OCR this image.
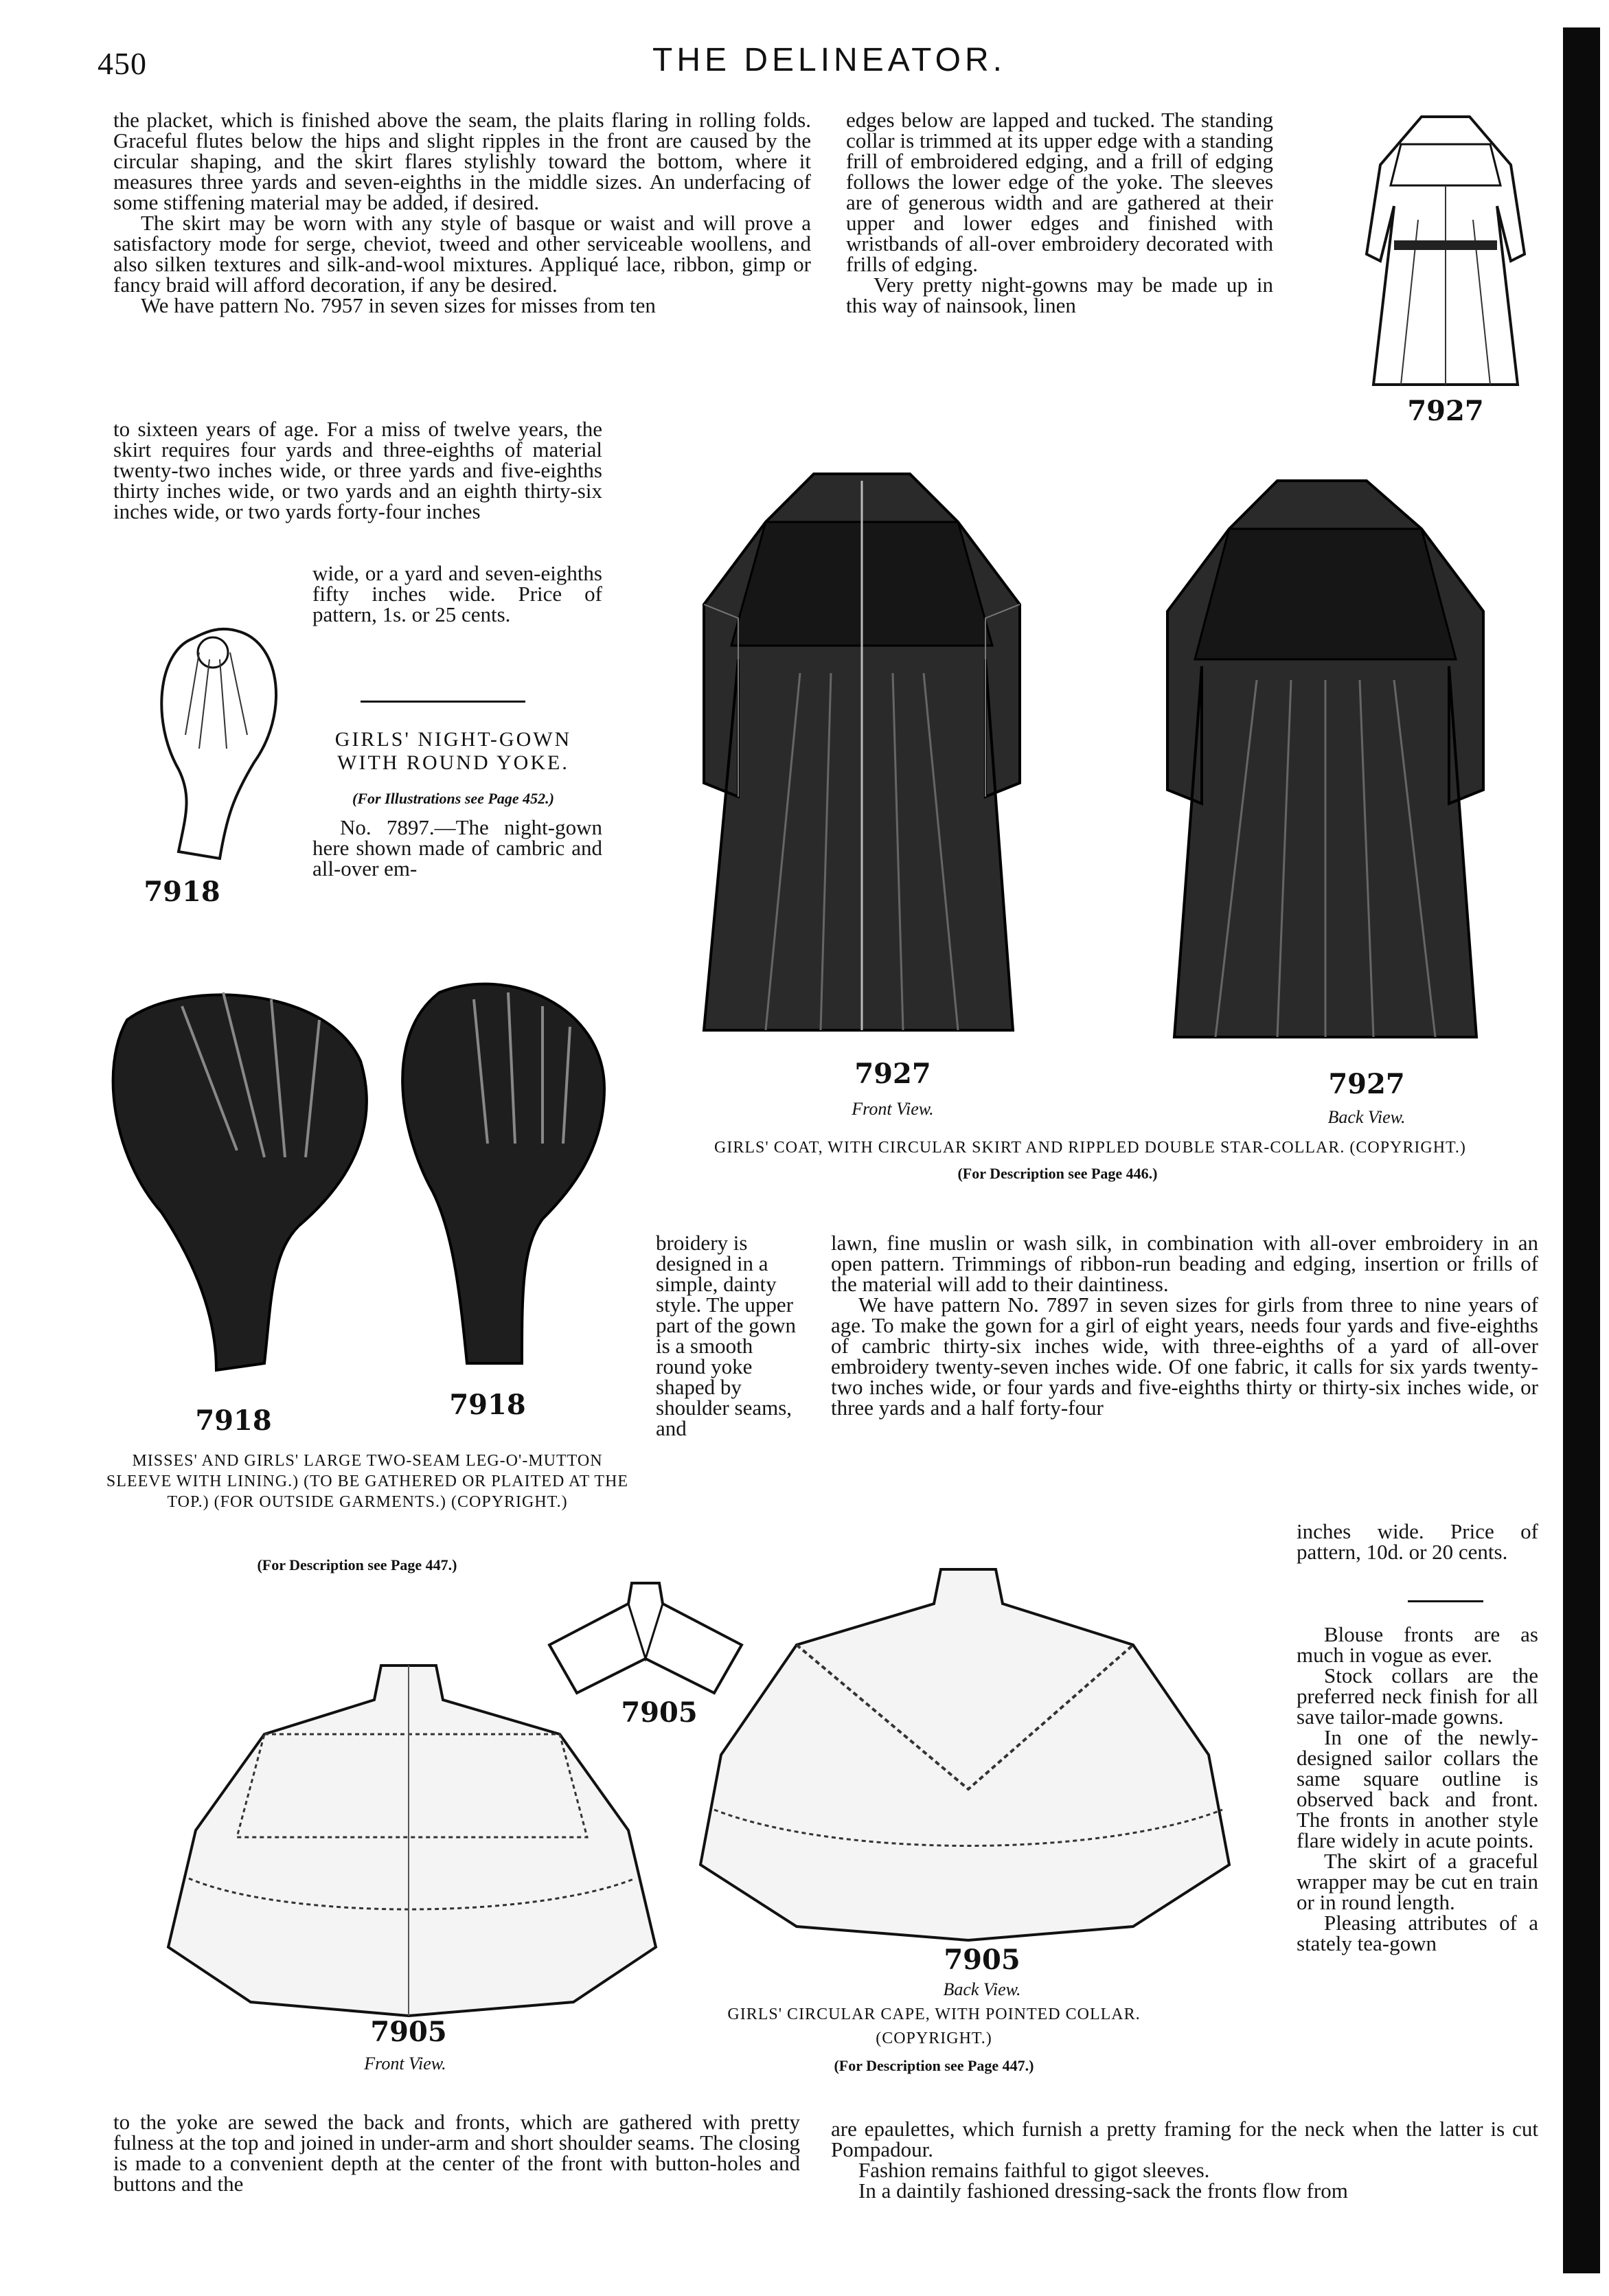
450	THE DELINEATOR.

the placket, which is finished above the seam, the plaits flaring in rolling folds. Graceful flutes below the hips and slight ripples in the front are caused by the circular shaping, and the skirt flares stylishly toward the bottom, where it measures three yards and seven-eighths in the middle sizes. An underfacing of some stiffening material may be added, if desired.

The skirt may be worn with any style of basque or waist and will prove a satisfactory mode for serge, cheviot, tweed and other serviceable woollens, and also silken textures and silk-and-wool mixtures. Appliqué lace, ribbon, gimp or fancy braid will afford decoration, if any be desired.

We have pattern No. 7957 in seven sizes for misses from ten

to sixteen years of age. For a miss of twelve years, the skirt requires four yards and three-eighths of material twenty-two inches wide, or three yards and five-eighths thirty inches wide, or two yards and an eighth thirty-six inches wide, or two yards forty-four inches

wide, or a yard and seven-eighths fifty inches wide. Price of pattern, 1s. or 25 cents.

7918
GIRLS' NIGHT-GOWN
WITH ROUND YOKE.
(For Illustrations see Page 452.)

No. 7897.—The night-gown here shown made of cambric and all-over em-

edges below are lapped and tucked. The standing collar is trimmed at its upper edge with a standing frill of embroidered edging, and a frill of edging follows the lower edge of the yoke. The sleeves are of generous width and are gathered at their upper and lower edges and finished with wristbands of all-over embroidery decorated with frills of edging.

Very pretty night-gowns may be made up in this way of nainsook, linen

7927
7927
Front View.
7927
Back View.
GIRLS' COAT, WITH CIRCULAR SKIRT AND RIPPLED DOUBLE STAR-COLLAR. (COPYRIGHT.)
(For Description see Page 446.)
7918	7918
MISSES' AND GIRLS' LARGE TWO-SEAM LEG-O'-MUTTON SLEEVE WITH LINING.) (TO BE GATHERED OR PLAITED AT THE TOP.) (FOR OUTSIDE GARMENTS.) (COPYRIGHT.)
(For Description see Page 447.)

broidery is designed in a simple, dainty style. The upper part of the gown is a smooth round yoke shaped by shoulder seams, and

lawn, fine muslin or wash silk, in combination with all-over embroidery in an open pattern. Trimmings of ribbon-run beading and edging, insertion or frills of the material will add to their daintiness.

We have pattern No. 7897 in seven sizes for girls from three to nine years of age. To make the gown for a girl of eight years, needs four yards and five-eighths of cambric thirty-six inches wide, with three-eighths of a yard of all-over embroidery twenty-seven inches wide. Of one fabric, it calls for six yards twenty-two inches wide, or four yards and five-eighths thirty or thirty-six inches wide, or three yards and a half forty-four

inches wide. Price of pattern, 10d. or 20 cents.

Blouse fronts are as much in vogue as ever.

Stock collars are the preferred neck finish for all save tailor-made gowns.

In one of the newly-designed sailor collars the same square outline is observed back and front. The fronts in another style flare widely in acute points.

The skirt of a graceful wrapper may be cut en train or in round length.

Pleasing attributes of a stately tea-gown

7905
7905
Front View.
7905
Back View.
GIRLS' CIRCULAR CAPE, WITH POINTED COLLAR.
(COPYRIGHT.)
(For Description see Page 447.)

to the yoke are sewed the back and fronts, which are gathered with pretty fulness at the top and joined in under-arm and short shoulder seams. The closing is made to a convenient depth at the center of the front with button-holes and buttons and the

are epaulettes, which furnish a pretty framing for the neck when the latter is cut Pompadour.

Fashion remains faithful to gigot sleeves.

In a daintily fashioned dressing-sack the fronts flow from
